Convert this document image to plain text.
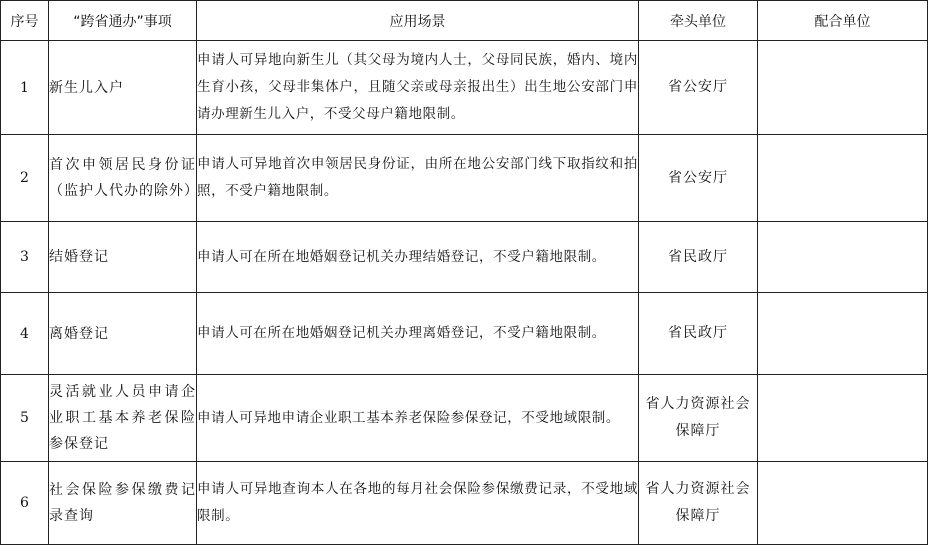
序号	“跨省通办”事项	应用场景	牵头单位	配合单位
1	新生儿入户	申请人可异地向新生儿（其父母为境内人士，父母同民族，婚内、境内生育小孩，父母非集体户，且随父亲或母亲报出生）出生地公安部门申请办理新生儿入户，不受父母户籍地限制。	省公安厅	
2	首次申领居民身份证（监护人代办的除外）	申请人可异地首次申领居民身份证，由所在地公安部门线下取指纹和拍照，不受户籍地限制。	省公安厅	
3	结婚登记	申请人可在所在地婚姻登记机关办理结婚登记，不受户籍地限制。	省民政厅	
4	离婚登记	申请人可在所在地婚姻登记机关办理离婚登记，不受户籍地限制。	省民政厅	
5	灵活就业人员申请企业职工基本养老保险参保登记	申请人可异地申请企业职工基本养老保险参保登记，不受地域限制。	省人力资源社会保障厅	
6	社会保险参保缴费记录查询	申请人可异地查询本人在各地的每月社会保险参保缴费记录，不受地域限制。	省人力资源社会保障厅	
